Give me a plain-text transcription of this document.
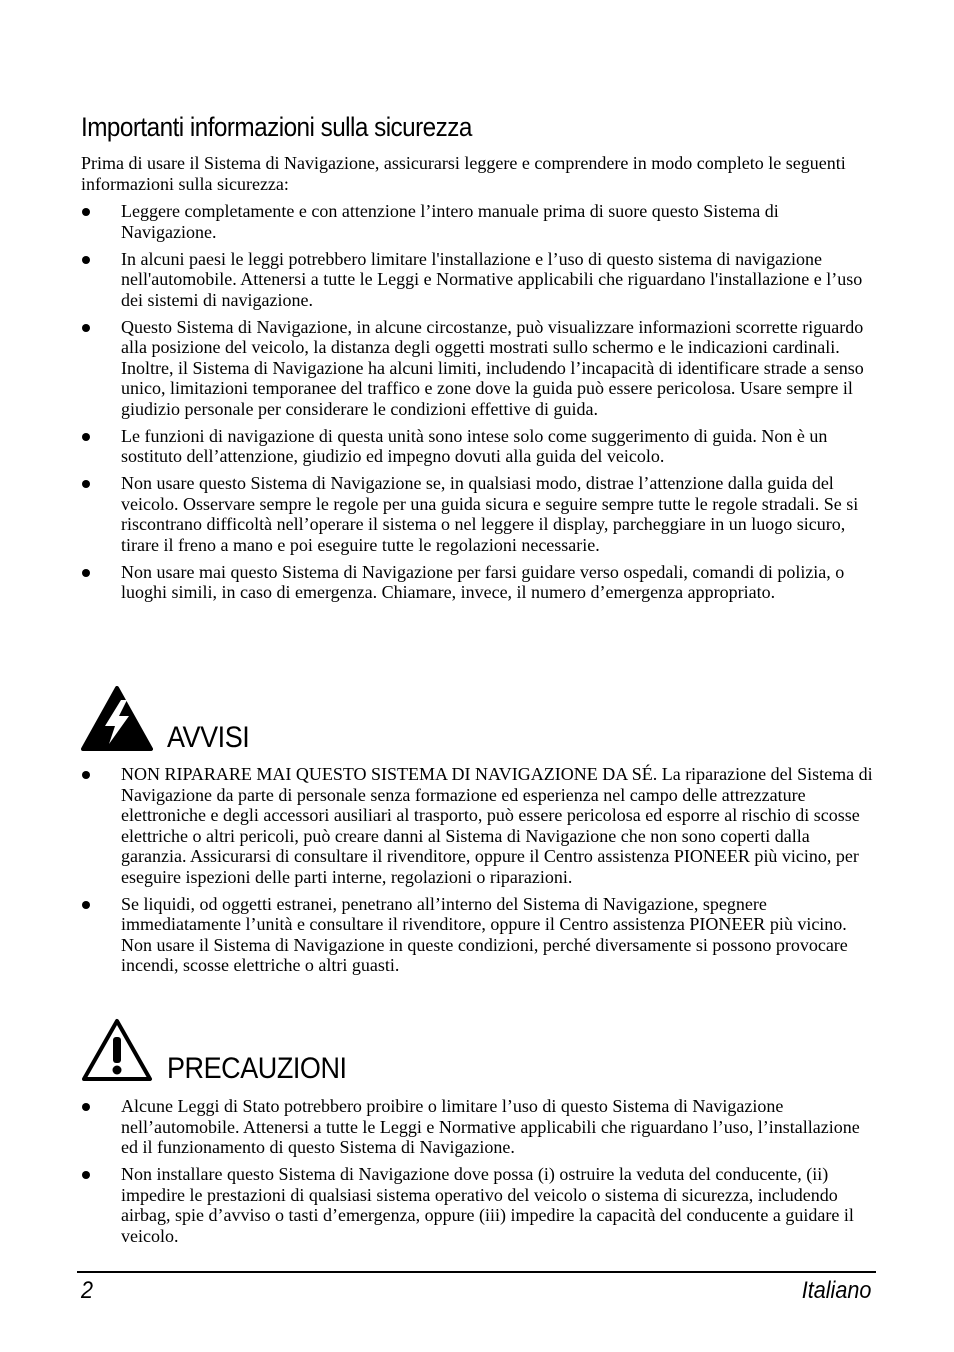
Importanti informazioni sulla sicurezza

Prima di usare il Sistema di Navigazione, assicurarsi leggere e comprendere in modo completo le seguenti informazioni sulla sicurezza:

Leggere completamente e con attenzione l’intero manuale prima di suore questo Sistema di Navigazione.
In alcuni paesi le leggi potrebbero limitare l'installazione e l’uso di questo sistema di navigazione nell'automobile. Attenersi a tutte le Leggi e Normative applicabili che riguardano l'installazione e l’uso dei sistemi di navigazione.
Questo Sistema di Navigazione, in alcune circostanze, può visualizzare informazioni scorrette riguardo alla posizione del veicolo, la distanza degli oggetti mostrati sullo schermo e le indicazioni cardinali. Inoltre, il Sistema di Navigazione ha alcuni limiti, includendo l’incapacità di identificare strade a senso unico, limitazioni temporanee del traffico e zone dove la guida può essere pericolosa. Usare sempre il giudizio personale per considerare le condizioni effettive di guida.
Le funzioni di navigazione di questa unità sono intese solo come suggerimento di guida. Non è un sostituto dell’attenzione, giudizio ed impegno dovuti alla guida del veicolo.
Non usare questo Sistema di Navigazione se, in qualsiasi modo, distrae l’attenzione dalla guida del veicolo. Osservare sempre le regole per una guida sicura e seguire sempre tutte le regole stradali. Se si riscontrano difficoltà nell’operare il sistema o nel leggere il display, parcheggiare in un luogo sicuro, tirare il freno a mano e poi eseguire tutte le regolazioni necessarie.
Non usare mai questo Sistema di Navigazione per farsi guidare verso ospedali, comandi di polizia, o luoghi simili, in caso di emergenza. Chiamare, invece, il numero d’emergenza appropriato.
AVVISI
NON RIPARARE MAI QUESTO SISTEMA DI NAVIGAZIONE DA SÉ. La riparazione del Sistema di Navigazione da parte di personale senza formazione ed esperienza nel campo delle attrezzature elettroniche e degli accessori ausiliari al trasporto, può essere pericolosa ed esporre al rischio di scosse elettriche o altri pericoli, può creare danni al Sistema di Navigazione che non sono coperti dalla garanzia. Assicurarsi di consultare il rivenditore, oppure il Centro assistenza PIONEER più vicino, per eseguire ispezioni delle parti interne, regolazioni o riparazioni.
Se liquidi, od oggetti estranei, penetrano all’interno del Sistema di Navigazione, spegnere immediatamente l’unità e consultare il rivenditore, oppure il Centro assistenza PIONEER più vicino. Non usare il Sistema di Navigazione in queste condizioni, perché diversamente si possono provocare incendi, scosse elettriche o altri guasti.
PRECAUZIONI
Alcune Leggi di Stato potrebbero proibire o limitare l’uso di questo Sistema di Navigazione nell’automobile. Attenersi a tutte le Leggi e Normative applicabili che riguardano l’uso, l’installazione ed il funzionamento di questo Sistema di Navigazione.
Non installare questo Sistema di Navigazione dove possa (i) ostruire la veduta del conducente, (ii) impedire le prestazioni di qualsiasi sistema operativo del veicolo o sistema di sicurezza, includendo airbag, spie d’avviso o tasti d’emergenza, oppure (iii) impedire la capacità del conducente a guidare il veicolo.
2	Italiano
